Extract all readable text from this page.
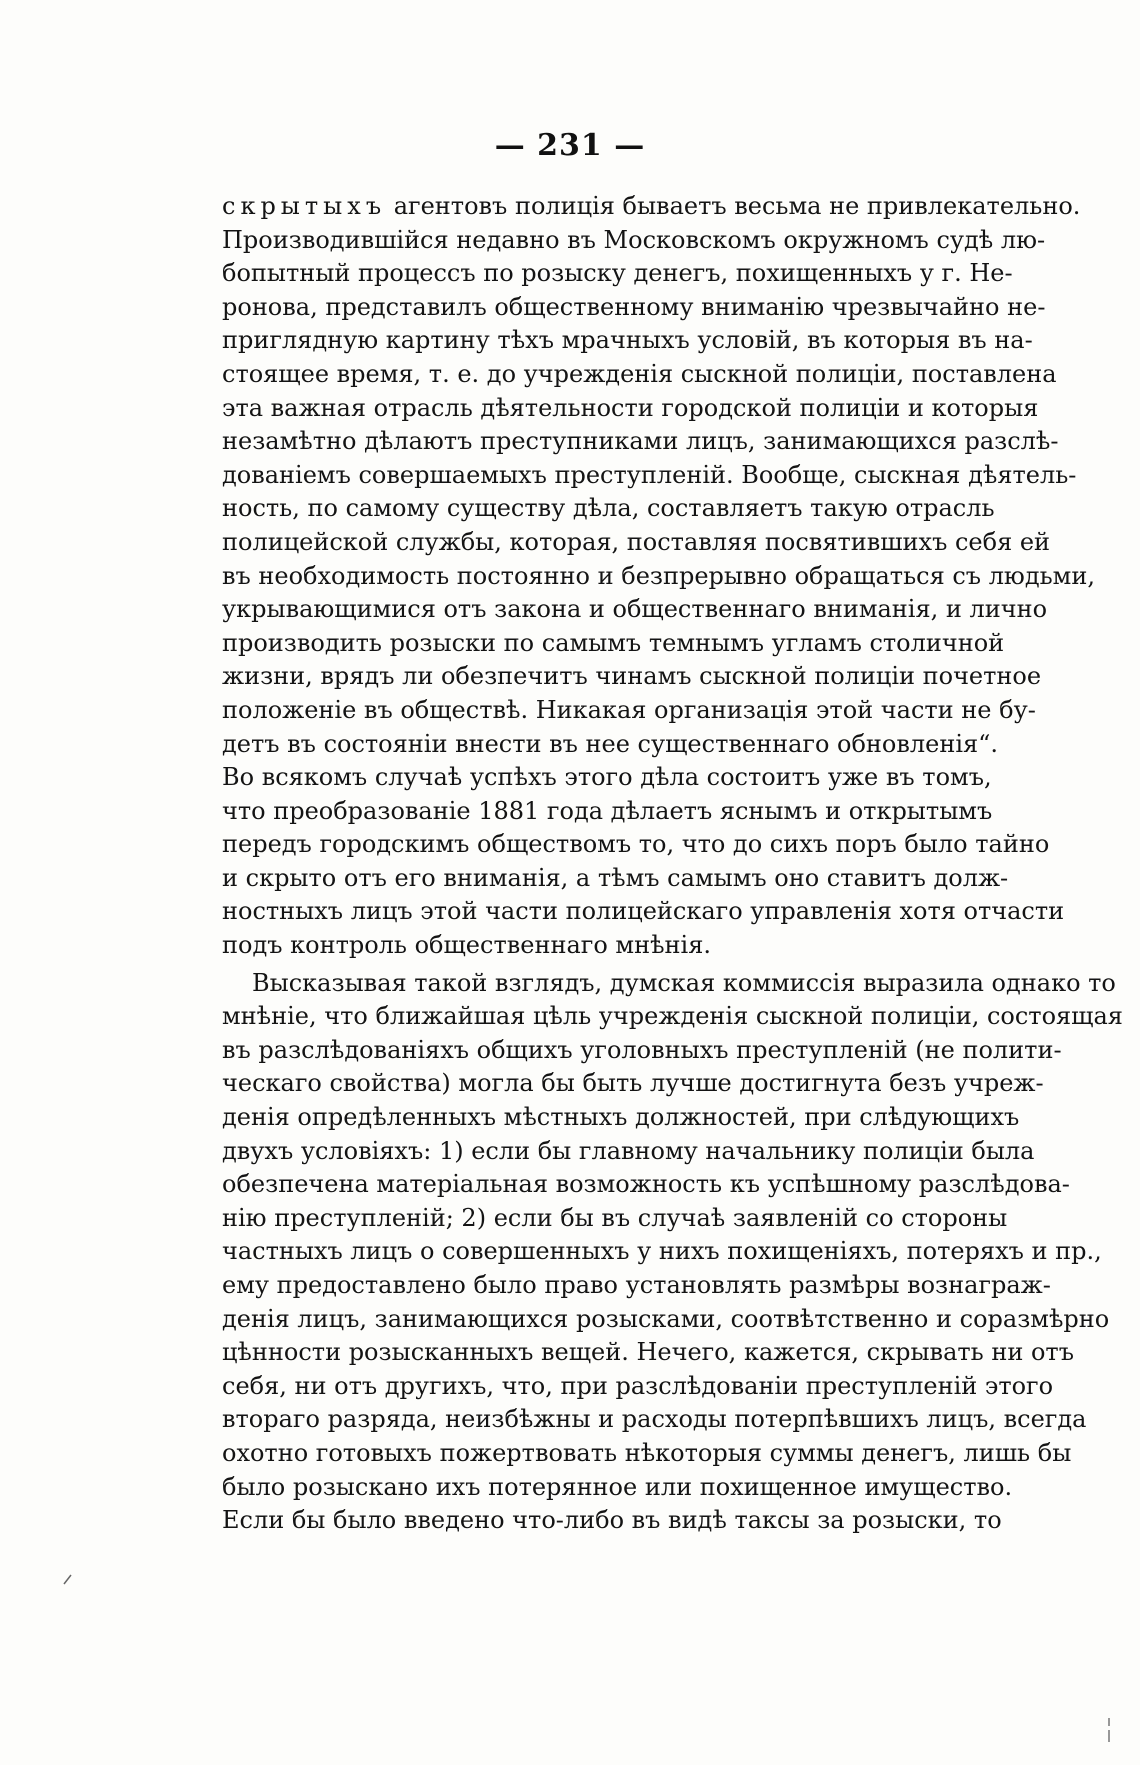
— 231 —
скрытыхъ агентовъ полиція бываетъ весьма не привлекательно.
Производившійся недавно въ Московскомъ окружномъ судѣ лю-
бопытный процессъ по розыску денегъ, похищенныхъ у г. Не-
ронова, представилъ общественному вниманію чрезвычайно не-
приглядную картину тѣхъ мрачныхъ условій, въ которыя въ на-
стоящее время, т. е. до учрежденія сыскной полиціи, поставлена
эта важная отрасль дѣятельности городской полиціи и которыя
незамѣтно дѣлаютъ преступниками лицъ, занимающихся разслѣ-
дованіемъ совершаемыхъ преступленій. Вообще, сыскная дѣятель-
ность, по самому существу дѣла, составляетъ такую отрасль
полицейской службы, которая, поставляя посвятившихъ себя ей
въ необходимость постоянно и безпрерывно обращаться съ людьми,
укрывающимися отъ закона и общественнаго вниманія, и лично
производить розыски по самымъ темнымъ угламъ столичной
жизни, врядъ ли обезпечитъ чинамъ сыскной полиціи почетное
положеніе въ обществѣ. Никакая организація этой части не бу-
детъ въ состояніи внести въ нее существеннаго обновленія“.
Во всякомъ случаѣ успѣхъ этого дѣла состоитъ уже въ томъ,
что преобразованіе 1881 года дѣлаетъ яснымъ и открытымъ
передъ городскимъ обществомъ то, что до сихъ поръ было тайно
и скрыто отъ его вниманія, а тѣмъ самымъ оно ставитъ долж-
ностныхъ лицъ этой части полицейскаго управленія хотя отчасти
подъ контроль общественнаго мнѣнія.
Высказывая такой взглядъ, думская коммиссія выразила однако то
мнѣніе, что ближайшая цѣль учрежденія сыскной полиціи, состоящая
въ разслѣдованіяхъ общихъ уголовныхъ преступленій (не полити-
ческаго свойства) могла бы быть лучше достигнута безъ учреж-
денія опредѣленныхъ мѣстныхъ должностей, при слѣдующихъ
двухъ условіяхъ: 1) если бы главному начальнику полиціи была
обезпечена матеріальная возможность къ успѣшному разслѣдова-
нію преступленій; 2) если бы въ случаѣ заявленій со стороны
частныхъ лицъ о совершенныхъ у нихъ похищеніяхъ, потеряхъ и пр.,
ему предоставлено было право установлять размѣры вознаграж-
денія лицъ, занимающихся розысками, соотвѣтственно и соразмѣрно
цѣнности розысканныхъ вещей. Нечего, кажется, скрывать ни отъ
себя, ни отъ другихъ, что, при разслѣдованіи преступленій этого
втораго разряда, неизбѣжны и расходы потерпѣвшихъ лицъ, всегда
охотно готовыхъ пожертвовать нѣкоторыя суммы денегъ, лишь бы
было розыскано ихъ потерянное или похищенное имущество.
Если бы было введено что-либо въ видѣ таксы за розыски, то
